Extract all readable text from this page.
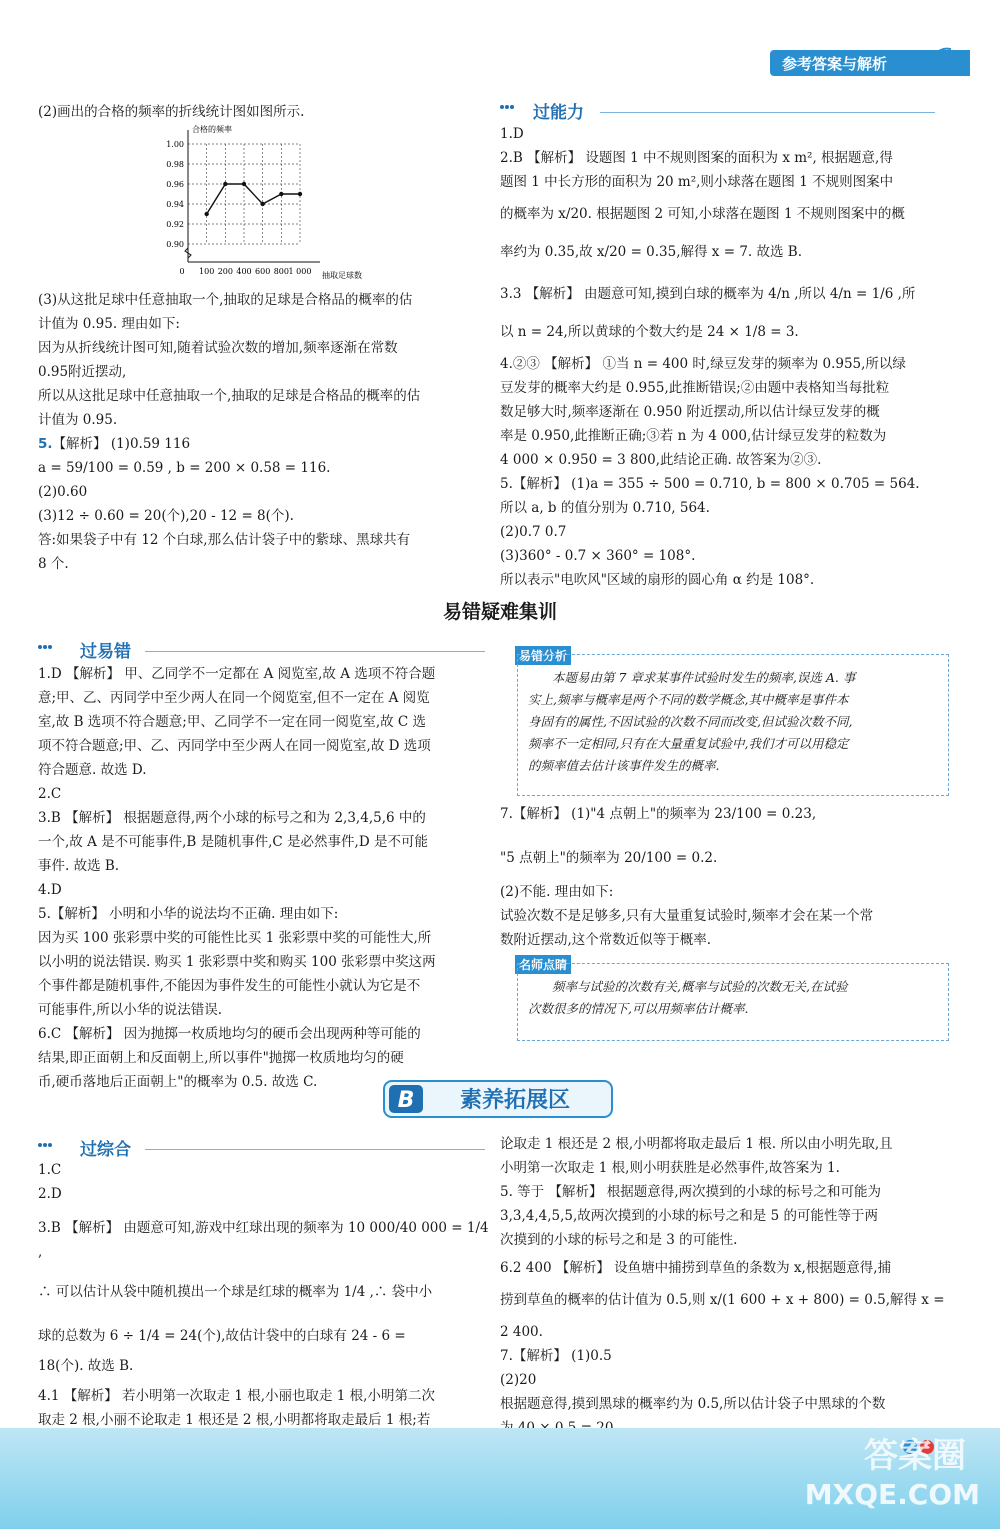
参考答案与解析

(2)画出的合格的频率的折线统计图如图所示.

0.90
0.92
0.94
0.96
0.98
1.00
合格的频率
抽取足球数
0 100 200 400 600 800 1 000

(3)从这批足球中任意抽取一个,抽取的足球是合格品的概率的估

计值为 0.95. 理由如下:

因为从折线统计图可知,随着试验次数的增加,频率逐渐在常数

0.95附近摆动,

所以从这批足球中任意抽取一个,抽取的足球是合格品的概率的估

计值为 0.95.

5.【解析】 (1)0.59 116

a = 59/100 = 0.59 , b = 200 × 0.58 = 116.

(2)0.60

(3)12 ÷ 0.60 = 20(个),20 - 12 = 8(个).

答:如果袋子中有 12 个白球,那么估计袋子中的紫球、黑球共有

8 个.

过能力

1.D

2.B 【解析】 设题图 1 中不规则图案的面积为 x m², 根据题意,得

题图 1 中长方形的面积为 20 m²,则小球落在题图 1 不规则图案中

的概率为 x/20. 根据题图 2 可知,小球落在题图 1 不规则图案中的概

率约为 0.35,故 x/20 = 0.35,解得 x = 7. 故选 B.

3.3 【解析】 由题意可知,摸到白球的概率为 4/n ,所以 4/n = 1/6 ,所

以 n = 24,所以黄球的个数大约是 24 × 1/8 = 3.

4.②③ 【解析】 ①当 n = 400 时,绿豆发芽的频率为 0.955,所以绿

豆发芽的概率大约是 0.955,此推断错误;②由题中表格知当每批粒

数足够大时,频率逐渐在 0.950 附近摆动,所以估计绿豆发芽的概

率是 0.950,此推断正确;③若 n 为 4 000,估计绿豆发芽的粒数为

4 000 × 0.950 = 3 800,此结论正确. 故答案为②③.

5.【解析】 (1)a = 355 ÷ 500 = 0.710, b = 800 × 0.705 = 564.

所以 a, b 的值分别为 0.710, 564.

(2)0.7 0.7

(3)360° - 0.7 × 360° = 108°.

所以表示"电吹风"区域的扇形的圆心角 α 约是 108°.

易错疑难集训
过易错

1.D 【解析】 甲、乙同学不一定都在 A 阅览室,故 A 选项不符合题

意;甲、乙、丙同学中至少两人在同一个阅览室,但不一定在 A 阅览

室,故 B 选项不符合题意;甲、乙同学不一定在同一阅览室,故 C 选

项不符合题意;甲、乙、丙同学中至少两人在同一阅览室,故 D 选项

符合题意. 故选 D.

2.C

3.B 【解析】 根据题意得,两个小球的标号之和为 2,3,4,5,6 中的

一个,故 A 是不可能事件,B 是随机事件,C 是必然事件,D 是不可能

事件. 故选 B.

4.D

5.【解析】 小明和小华的说法均不正确. 理由如下:

因为买 100 张彩票中奖的可能性比买 1 张彩票中奖的可能性大,所

以小明的说法错误. 购买 1 张彩票中奖和购买 100 张彩票中奖这两

个事件都是随机事件,不能因为事件发生的可能性小就认为它是不

可能事件,所以小华的说法错误.

6.C 【解析】 因为抛掷一枚质地均匀的硬币会出现两种等可能的

结果,即正面朝上和反面朝上,所以事件"抛掷一枚质地均匀的硬

币,硬币落地后正面朝上"的概率为 0.5. 故选 C.

易错分析
本题易由第 7 章求某事件试验时发生的频率,误选 A. 事
实上,频率与概率是两个不同的数学概念,其中概率是事件本
身固有的属性,不因试验的次数不同而改变,但试验次数不同,
频率不一定相同,只有在大量重复试验中,我们才可以用稳定
的频率值去估计该事件发生的概率.

7.【解析】 (1)"4 点朝上"的频率为 23/100 = 0.23,

"5 点朝上"的频率为 20/100 = 0.2.

(2)不能. 理由如下:

试验次数不是足够多,只有大量重复试验时,频率才会在某一个常

数附近摆动,这个常数近似等于概率.

名师点睛
频率与试验的次数有关,概率与试验的次数无关,在试验
次数很多的情况下,可以用频率估计概率.
B 素养拓展区
过综合

1.C

2.D

3.B 【解析】 由题意可知,游戏中红球出现的频率为 10 000/40 000 = 1/4 ,

∴ 可以估计从袋中随机摸出一个球是红球的概率为 1/4 ,∴ 袋中小

球的总数为 6 ÷ 1/4 = 24(个),故估计袋中的白球有 24 - 6 =

18(个). 故选 B.

4.1 【解析】 若小明第一次取走 1 根,小丽也取走 1 根,小明第二次

取走 2 根,小丽不论取走 1 根还是 2 根,小明都将取走最后 1 根;若

论取走 1 根还是 2 根,小明都将取走最后 1 根. 所以由小明先取,且

小明第一次取走 1 根,则小明获胜是必然事件,故答案为 1.

5. 等于 【解析】 根据题意得,两次摸到的小球的标号之和可能为

3,3,4,4,5,5,故两次摸到的小球的标号之和是 5 的可能性等于两

次摸到的小球的标号之和是 3 的可能性.

6.2 400 【解析】 设鱼塘中捕捞到草鱼的条数为 x,根据题意得,捕

捞到草鱼的概率的估计值为 0.5,则 x/(1 600 + x + 800) = 0.5,解得 x =

2 400.

7.【解析】 (1)0.5

(2)20

根据题意得,摸到黑球的概率约为 0.5,所以估计袋子中黑球的个数

答案圈
MXQE.COM
